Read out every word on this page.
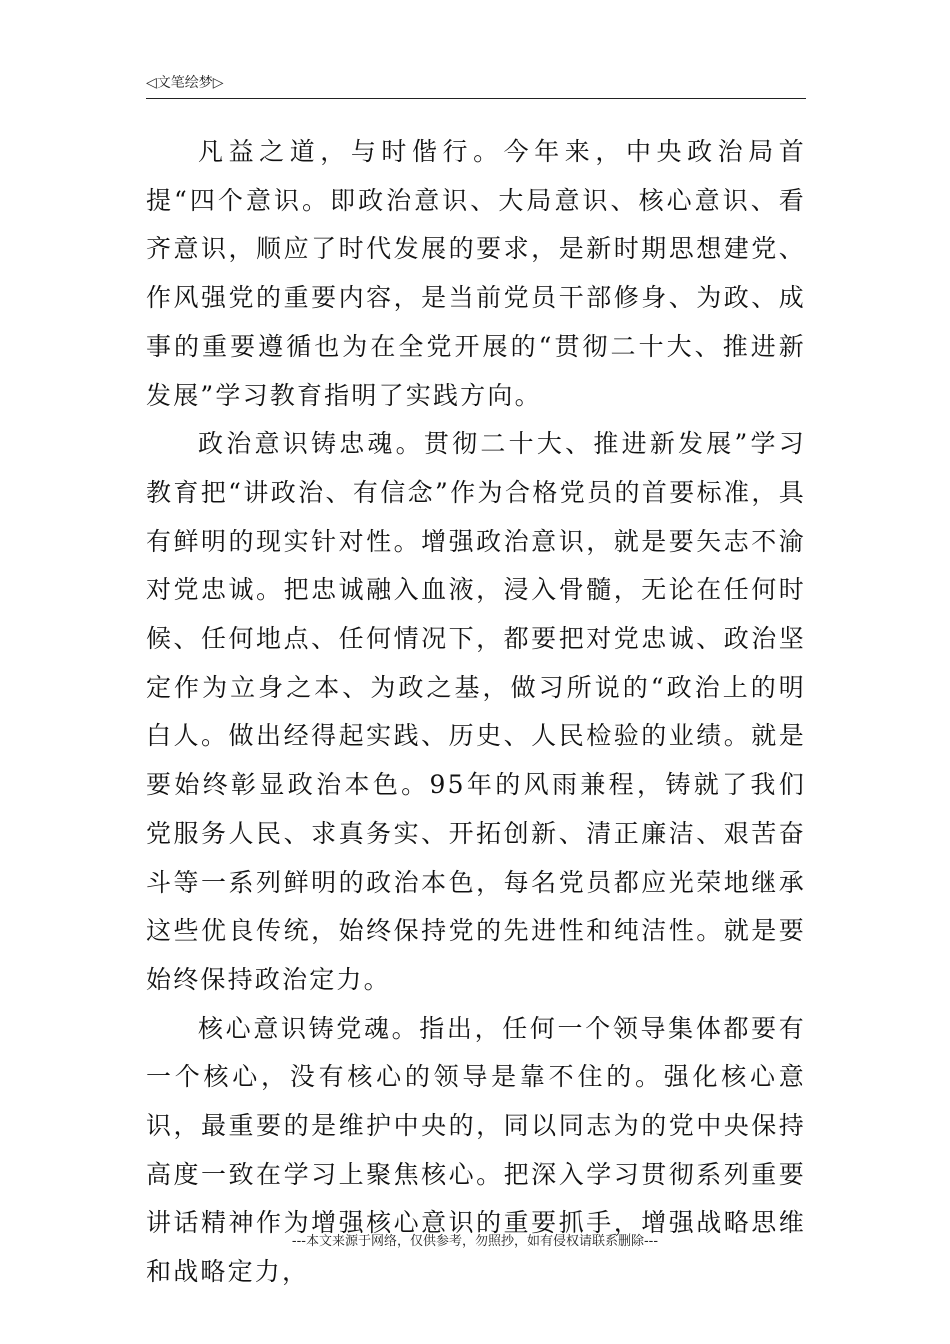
◁文笔绘梦▷

凡益之道，与时偕行。今年来，中央政治局首提“四个意识。即政治意识、大局意识、核心意识、看齐意识，顺应了时代发展的要求，是新时期思想建党、作风强党的重要内容，是当前党员干部修身、为政、成事的重要遵循也为在全党开展的“贯彻二十大、推进新发展”学习教育指明了实践方向。

政治意识铸忠魂。贯彻二十大、推进新发展”学习教育把“讲政治、有信念”作为合格党员的首要标准，具有鲜明的现实针对性。增强政治意识，就是要矢志不渝对党忠诚。把忠诚融入血液，浸入骨髓，无论在任何时候、任何地点、任何情况下，都要把对党忠诚、政治坚定作为立身之本、为政之基，做习所说的“政治上的明白人。做出经得起实践、历史、人民检验的业绩。就是要始终彰显政治本色。95年的风雨兼程，铸就了我们党服务人民、求真务实、开拓创新、清正廉洁、艰苦奋斗等一系列鲜明的政治本色，每名党员都应光荣地继承这些优良传统，始终保持党的先进性和纯洁性。就是要始终保持政治定力。

核心意识铸党魂。指出，任何一个领导集体都要有一个核心，没有核心的领导是靠不住的。强化核心意识，最重要的是维护中央的，同以同志为的党中央保持高度一致在学习上聚焦核心。把深入学习贯彻系列重要讲话精神作为增强核心意识的重要抓手，增强战略思维和战略定力，

---本文来源于网络，仅供参考，勿照抄，如有侵权请联系删除---
